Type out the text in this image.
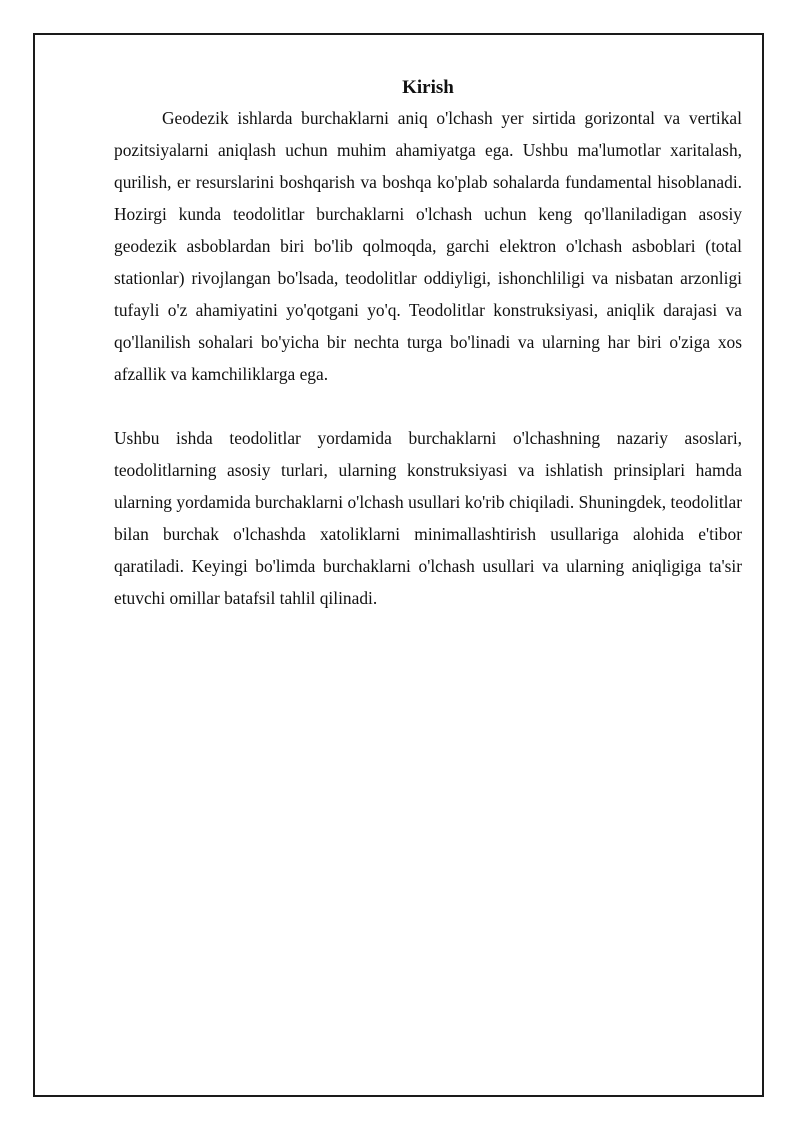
Kirish

Geodezik ishlarda burchaklarni aniq o'lchash yer sirtida gorizontal va vertikal pozitsiyalarni aniqlash uchun muhim ahamiyatga ega. Ushbu ma'lumotlar xaritalash, qurilish, er resurslarini boshqarish va boshqa ko'plab sohalarda fundamental hisoblanadi. Hozirgi kunda teodolitlar burchaklarni o'lchash uchun keng qo'llaniladigan asosiy geodezik asboblardan biri bo'lib qolmoqda, garchi elektron o'lchash asboblari (total stationlar) rivojlangan bo'lsada, teodolitlar oddiyligi, ishonchliligi va nisbatan arzonligi tufayli o'z ahamiyatini yo'qotgani yo'q. Teodolitlar konstruksiyasi, aniqlik darajasi va qo'llanilish sohalari bo'yicha bir nechta turga bo'linadi va ularning har biri o'ziga xos afzallik va kamchiliklarga ega.

Ushbu ishda teodolitlar yordamida burchaklarni o'lchashning nazariy asoslari, teodolitlarning asosiy turlari, ularning konstruksiyasi va ishlatish prinsiplari hamda ularning yordamida burchaklarni o'lchash usullari ko'rib chiqiladi. Shuningdek, teodolitlar bilan burchak o'lchashda xatoliklarni minimallashtirish usullariga alohida e'tibor qaratiladi. Keyingi bo'limda burchaklarni o'lchash usullari va ularning aniqligiga ta'sir etuvchi omillar batafsil tahlil qilinadi.
